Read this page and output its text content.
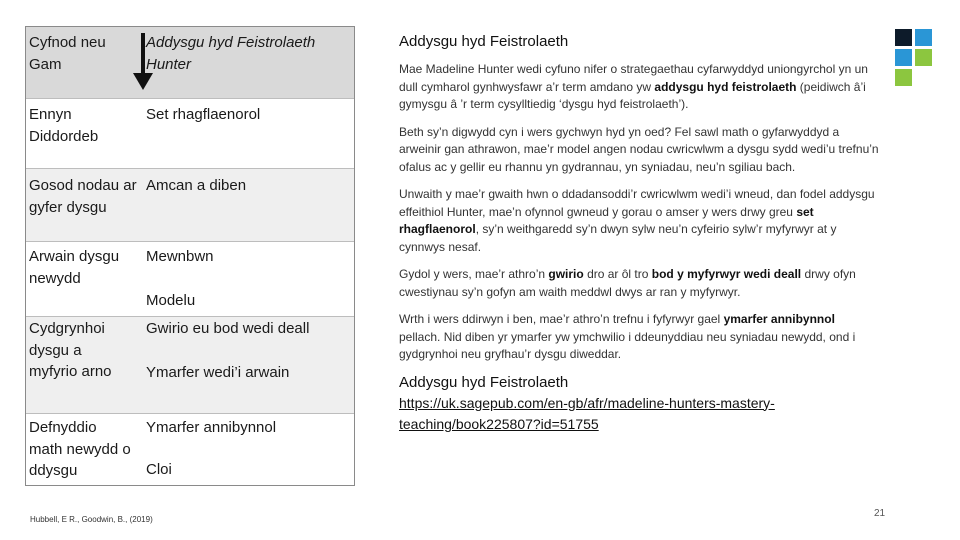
Cyfnod neu Gam
Addysgu hyd Feistrolaeth Hunter
Ennyn Diddordeb
Set rhagflaenorol
Gosod nodau ar gyfer dysgu
Amcan a diben
Arwain dysgu newydd
Mewnbwn
Modelu
Cydgrynhoi dysgu a myfyrio arno
Gwirio eu bod wedi deall
Ymarfer wedi’i arwain
Defnyddio math newydd o ddysgu
Ymarfer annibynnol
Cloi
Hubbell, E R., Goodwin, B., (2019)
Addysgu hyd Feistrolaeth
Mae Madeline Hunter wedi cyfuno nifer o strategaethau cyfarwyddyd uniongyrchol yn un dull cymharol gynhwysfawr a’r term amdano yw addysgu hyd feistrolaeth (peidiwch â’i gymysgu â ’r term cysylltiedig ‘dysgu hyd feistrolaeth’).
Beth sy’n digwydd cyn i wers gychwyn hyd yn oed? Fel sawl math o gyfarwyddyd a arweinir gan athrawon, mae’r model angen nodau cwricwlwm a dysgu sydd wedi’u trefnu’n ofalus ac y gellir eu rhannu yn gydrannau, yn syniadau, neu’n sgiliau bach.
Unwaith y mae’r gwaith hwn o ddadansoddi’r cwricwlwm wedi’i wneud, dan fodel addysgu effeithiol Hunter, mae’n ofynnol gwneud y gorau o amser y wers drwy greu set rhagflaenorol, sy’n weithgaredd sy’n dwyn sylw neu’n cyfeirio sylw’r myfyrwyr at y cynnwys nesaf.
Gydol y wers, mae’r athro’n gwirio dro ar ôl tro bod y myfyrwyr wedi deall drwy ofyn cwestiynau sy’n gofyn am waith meddwl dwys ar ran y myfyrwyr.
Wrth i wers ddirwyn i ben, mae’r athro’n trefnu i fyfyrwyr gael ymarfer annibynnol pellach. Nid diben yr ymarfer yw ymchwilio i ddeunyddiau neu syniadau newydd, ond i gydgrynhoi neu gryfhau’r dysgu diweddar.
Addysgu hyd Feistrolaeth
https://uk.sagepub.com/en-gb/afr/madeline-hunters-mastery-
teaching/book225807?id=51755
21
